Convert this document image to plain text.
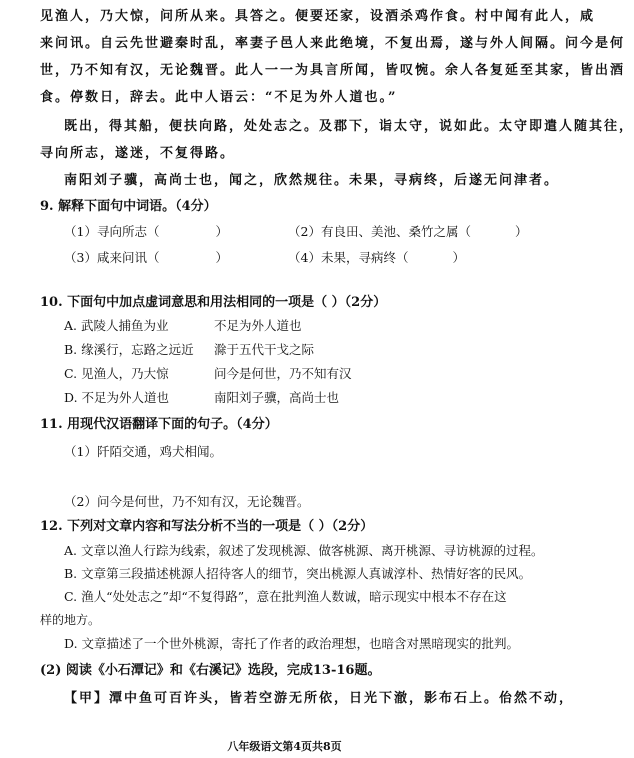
见渔人，乃大惊，问所从来。具答之。便要还家，设酒杀鸡作食。村中闻有此人，咸
来问讯。自云先世避秦时乱，率妻子邑人来此绝境，不复出焉，遂与外人间隔。问今是何
世，乃不知有汉，无论魏晋。此人一一为具言所闻，皆叹惋。余人各复延至其家，皆出酒
食。停数日，辞去。此中人语云：“不足为外人道也。”
既出，得其船，便扶向路，处处志之。及郡下，诣太守，说如此。太守即遣人随其往，
寻向所志，遂迷，不复得路。
南阳刘子骥，高尚士也，闻之，欣然规往。未果，寻病终，后遂无问津者。
9. 解释下面句中词语。（4分）
（1）寻向所志（	）	（2）有良田、美池、桑竹之属（	）
（3）咸来问讯（	）	（4）未果，寻病终（	）
10. 下面句中加点虚词意思和用法相同的一项是（ ）（2分）
A. 武陵人捕鱼为业	不足为外人道也
B. 缘溪行，忘路之远近 滁于五代干戈之际
C. 见渔人，乃大惊	问今是何世，乃不知有汉
D. 不足为外人道也	南阳刘子骥，高尚士也
11. 用现代汉语翻译下面的句子。（4分）
（1）阡陌交通，鸡犬相闻。
（2）问今是何世，乃不知有汉，无论魏晋。
12. 下列对文章内容和写法分析不当的一项是（ ）（2分）
A. 文章以渔人行踪为线索，叙述了发现桃源、做客桃源、离开桃源、寻访桃源的过程。
B. 文章第三段描述桃源人招待客人的细节，突出桃源人真诚淳朴、热情好客的民风。
C. 渔人“处处志之”却“不复得路”，意在批判渔人数诚，暗示现实中根本不存在这
样的地方。
八年级语文第4页共8页
D. 文章描述了一个世外桃源，寄托了作者的政治理想，也暗含对黑暗现实的批判。
(2) 阅读《小石潭记》和《右溪记》选段，完成13-16题。
【甲】潭中鱼可百许头，皆若空游无所依，日光下澈，影布石上。佁然不动，
